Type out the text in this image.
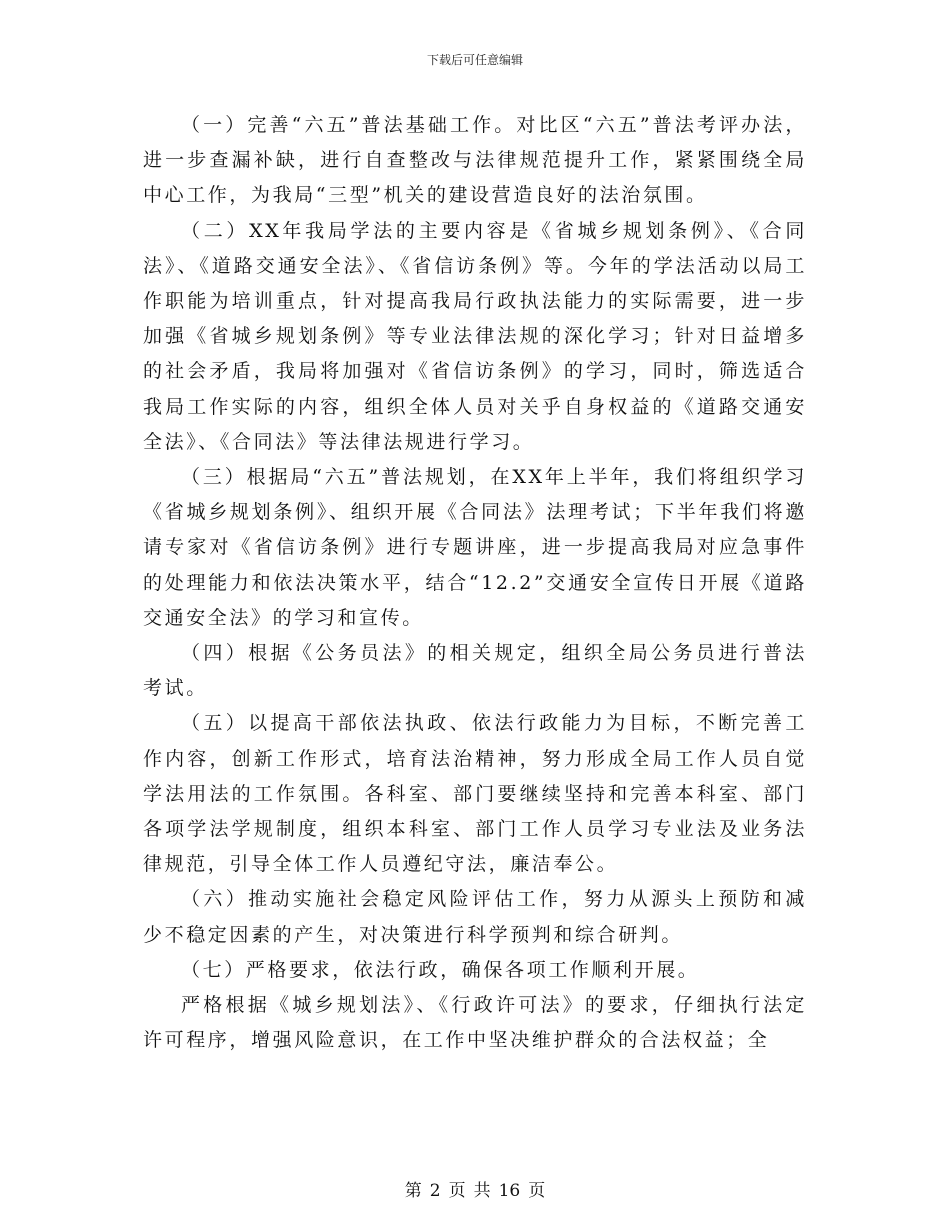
下载后可任意编辑

（一）完善“六五”普法基础工作。对比区“六五”普法考评办法，进一步查漏补缺，进行自查整改与法律规范提升工作，紧紧围绕全局中心工作，为我局“三型”机关的建设营造良好的法治氛围。

（二）XX年我局学法的主要内容是《省城乡规划条例》、《合同法》、《道路交通安全法》、《省信访条例》等。今年的学法活动以局工作职能为培训重点，针对提高我局行政执法能力的实际需要，进一步加强《省城乡规划条例》等专业法律法规的深化学习；针对日益增多的社会矛盾，我局将加强对《省信访条例》的学习，同时，筛选适合我局工作实际的内容，组织全体人员对关乎自身权益的《道路交通安全法》、《合同法》等法律法规进行学习。

（三）根据局“六五”普法规划，在XX年上半年，我们将组织学习《省城乡规划条例》、组织开展《合同法》法理考试；下半年我们将邀请专家对《省信访条例》进行专题讲座，进一步提高我局对应急事件的处理能力和依法决策水平，结合“12.2”交通安全宣传日开展《道路交通安全法》的学习和宣传。

（四）根据《公务员法》的相关规定，组织全局公务员进行普法考试。

（五）以提高干部依法执政、依法行政能力为目标，不断完善工作内容，创新工作形式，培育法治精神，努力形成全局工作人员自觉学法用法的工作氛围。各科室、部门要继续坚持和完善本科室、部门各项学法学规制度，组织本科室、部门工作人员学习专业法及业务法律规范，引导全体工作人员遵纪守法，廉洁奉公。

（六）推动实施社会稳定风险评估工作，努力从源头上预防和减少不稳定因素的产生，对决策进行科学预判和综合研判。

（七）严格要求，依法行政，确保各项工作顺利开展。

严格根据《城乡规划法》、《行政许可法》的要求，仔细执行法定许可程序，增强风险意识，在工作中坚决维护群众的合法权益；全

第 2 页 共 16 页
